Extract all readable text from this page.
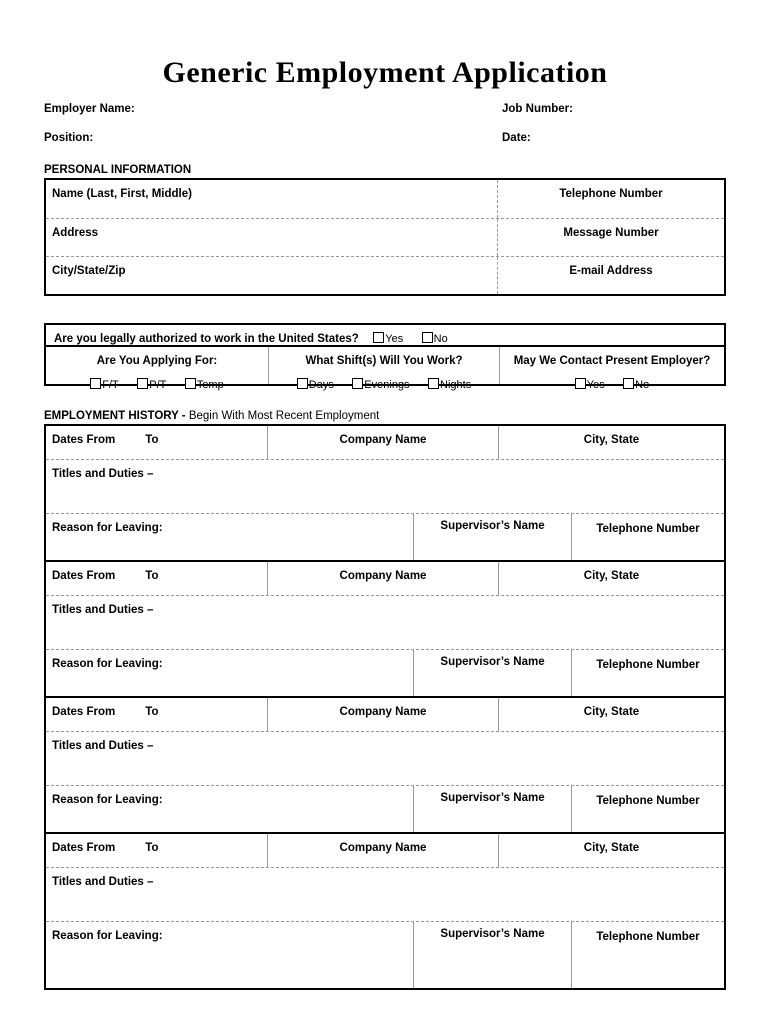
Generic Employment Application
Employer Name:	Job Number:
Position:	Date:
PERSONAL INFORMATION
Name (Last, First, Middle)	Telephone Number
Address	Message Number
City/State/Zip	E-mail Address
Are you legally authorized to work in the United States? Yes	No
Are You Applying For:
F/T	P/T	Temp
What Shift(s) Will You Work?
Days	Evenings	Nights
May We Contact Present Employer?
Yes	No
EMPLOYMENT HISTORY - Begin With Most Recent Employment
Dates From	To	Company Name	City, State
Titles and Duties –
Reason for Leaving:	Supervisor’s Name	Telephone Number
Dates From	To	Company Name	City, State
Titles and Duties –
Reason for Leaving:	Supervisor’s Name	Telephone Number
Dates From	To	Company Name	City, State
Titles and Duties –
Reason for Leaving:	Supervisor’s Name	Telephone Number
Dates From	To	Company Name	City, State
Titles and Duties –
Reason for Leaving:	Supervisor’s Name	Telephone Number
